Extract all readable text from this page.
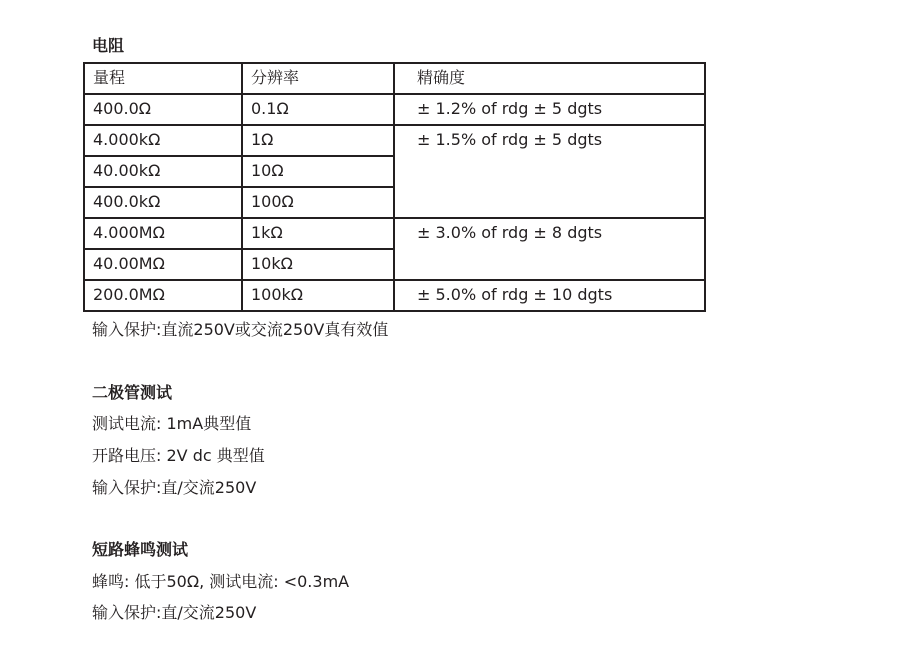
电阻
量程	分辨率	精确度
400.0Ω	0.1Ω	± 1.2% of rdg ± 5 dgts
4.000kΩ	1Ω	± 1.5% of rdg ± 5 dgts
40.00kΩ	10Ω	
400.0kΩ	100Ω	
4.000MΩ	1kΩ	± 3.0% of rdg ± 8 dgts
40.00MΩ	10kΩ	
200.0MΩ	100kΩ	± 5.0% of rdg ± 10 dgts

输入保护:直流250V或交流250V真有效值

二极管测试

测试电流: 1mA典型值

开路电压: 2V dc 典型值

输入保护:直/交流250V

短路蜂鸣测试

蜂鸣: 低于50Ω, 测试电流: <0.3mA

输入保护:直/交流250V
